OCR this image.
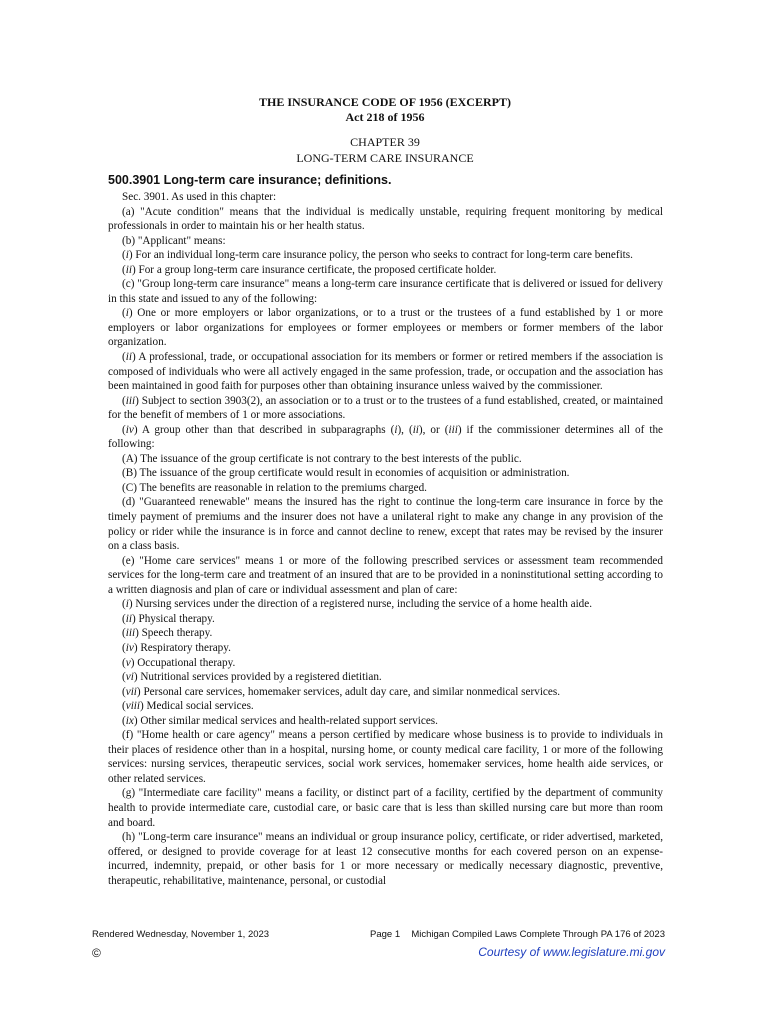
THE INSURANCE CODE OF 1956 (EXCERPT)
Act 218 of 1956
CHAPTER 39
LONG-TERM CARE INSURANCE
500.3901 Long-term care insurance; definitions.

Sec. 3901. As used in this chapter:

(a) "Acute condition" means that the individual is medically unstable, requiring frequent monitoring by medical professionals in order to maintain his or her health status.

(b) "Applicant" means:

(i) For an individual long-term care insurance policy, the person who seeks to contract for long-term care benefits.

(ii) For a group long-term care insurance certificate, the proposed certificate holder.

(c) "Group long-term care insurance" means a long-term care insurance certificate that is delivered or issued for delivery in this state and issued to any of the following:

(i) One or more employers or labor organizations, or to a trust or the trustees of a fund established by 1 or more employers or labor organizations for employees or former employees or members or former members of the labor organization.

(ii) A professional, trade, or occupational association for its members or former or retired members if the association is composed of individuals who were all actively engaged in the same profession, trade, or occupation and the association has been maintained in good faith for purposes other than obtaining insurance unless waived by the commissioner.

(iii) Subject to section 3903(2), an association or to a trust or to the trustees of a fund established, created, or maintained for the benefit of members of 1 or more associations.

(iv) A group other than that described in subparagraphs (i), (ii), or (iii) if the commissioner determines all of the following:

(A) The issuance of the group certificate is not contrary to the best interests of the public.

(B) The issuance of the group certificate would result in economies of acquisition or administration.

(C) The benefits are reasonable in relation to the premiums charged.

(d) "Guaranteed renewable" means the insured has the right to continue the long-term care insurance in force by the timely payment of premiums and the insurer does not have a unilateral right to make any change in any provision of the policy or rider while the insurance is in force and cannot decline to renew, except that rates may be revised by the insurer on a class basis.

(e) "Home care services" means 1 or more of the following prescribed services or assessment team recommended services for the long-term care and treatment of an insured that are to be provided in a noninstitutional setting according to a written diagnosis and plan of care or individual assessment and plan of care:

(i) Nursing services under the direction of a registered nurse, including the service of a home health aide.

(ii) Physical therapy.

(iii) Speech therapy.

(iv) Respiratory therapy.

(v) Occupational therapy.

(vi) Nutritional services provided by a registered dietitian.

(vii) Personal care services, homemaker services, adult day care, and similar nonmedical services.

(viii) Medical social services.

(ix) Other similar medical services and health-related support services.

(f) "Home health or care agency" means a person certified by medicare whose business is to provide to individuals in their places of residence other than in a hospital, nursing home, or county medical care facility, 1 or more of the following services: nursing services, therapeutic services, social work services, homemaker services, home health aide services, or other related services.

(g) "Intermediate care facility" means a facility, or distinct part of a facility, certified by the department of community health to provide intermediate care, custodial care, or basic care that is less than skilled nursing care but more than room and board.

(h) "Long-term care insurance" means an individual or group insurance policy, certificate, or rider advertised, marketed, offered, or designed to provide coverage for at least 12 consecutive months for each covered person on an expense-incurred, indemnity, prepaid, or other basis for 1 or more necessary or medically necessary diagnostic, preventive, therapeutic, rehabilitative, maintenance, personal, or custodial

Rendered Wednesday, November 1, 2023	Page 1 Michigan Compiled Laws Complete Through PA 176 of 2023
©	Courtesy of www.legislature.mi.gov
